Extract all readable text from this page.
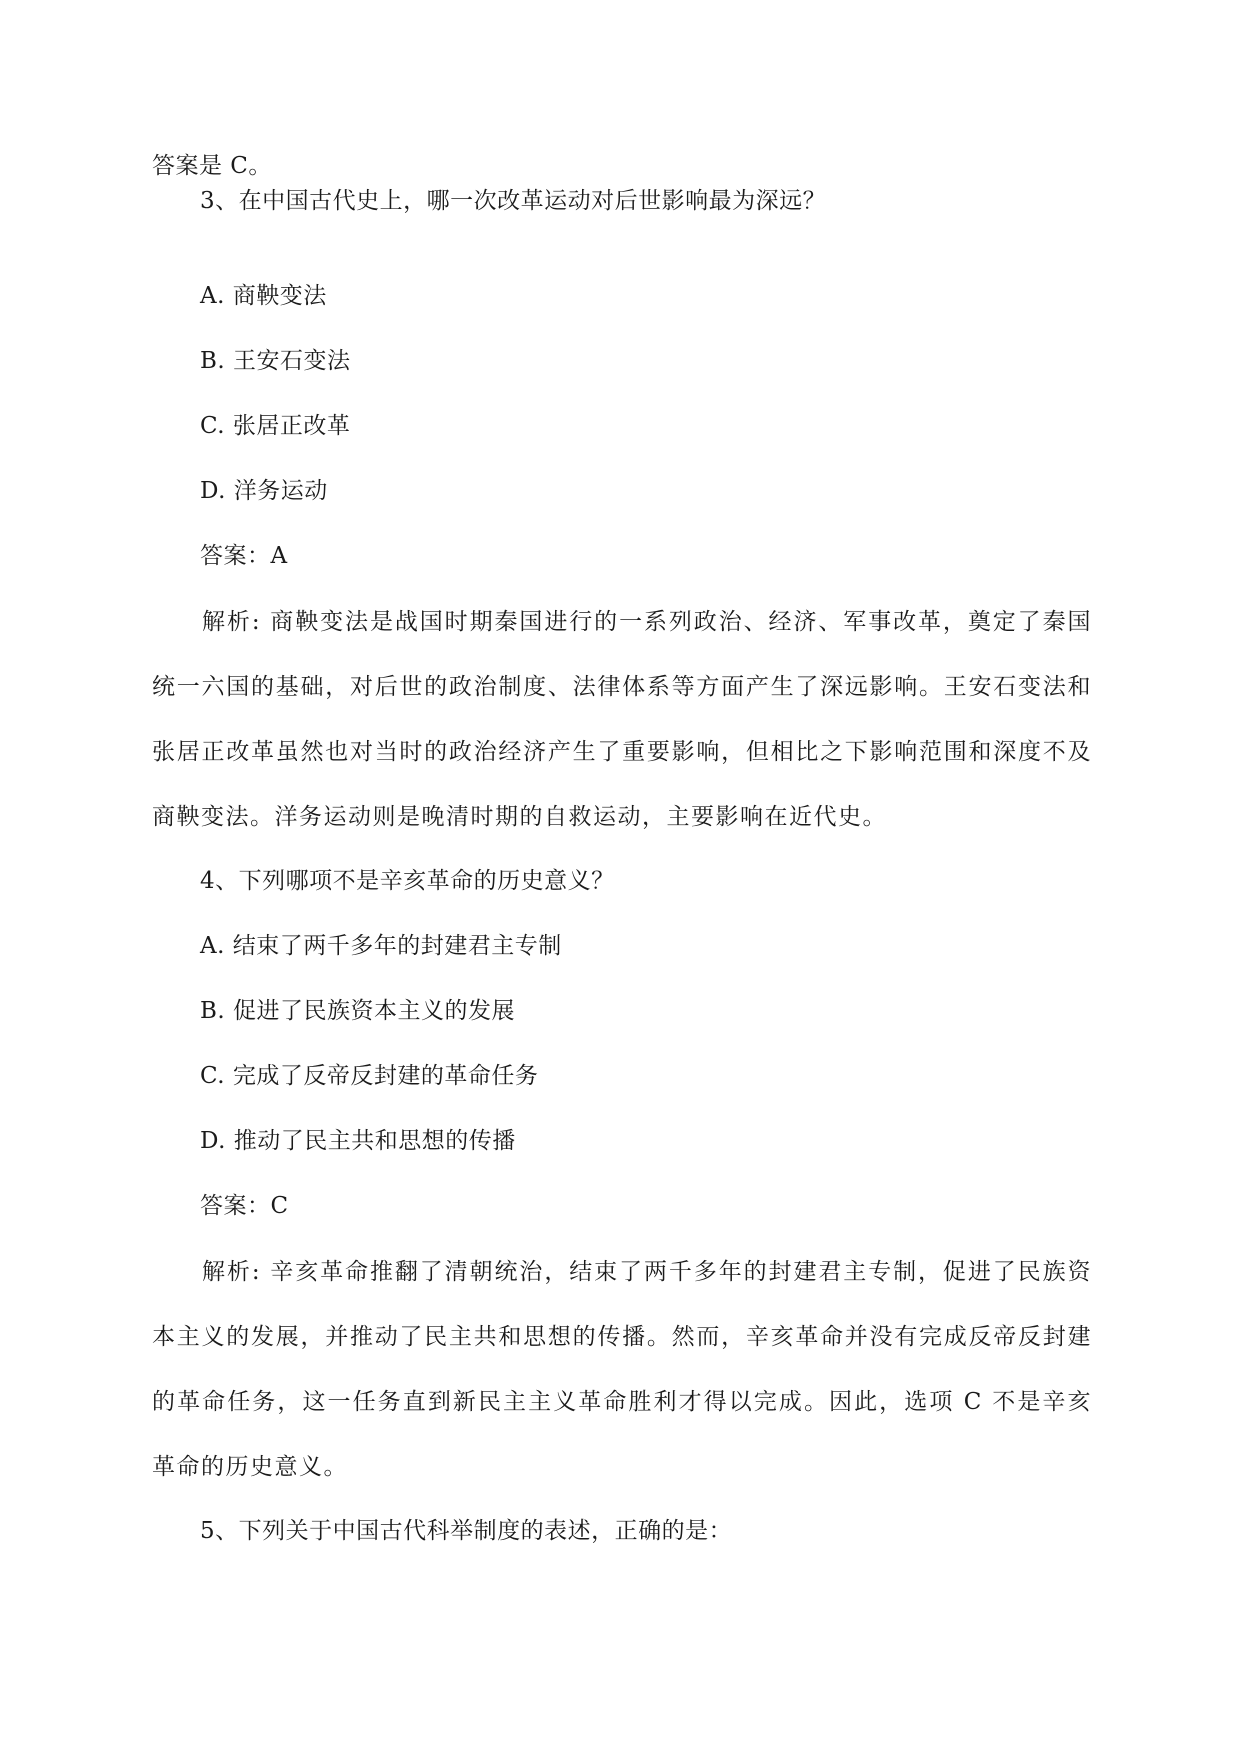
答案是 C。
3、在中国古代史上，哪一次改革运动对后世影响最为深远？
A. 商鞅变法
B. 王安石变法
C. 张居正改革
D. 洋务运动
答案：A
解析: 商鞅变法是战国时期秦国进行的一系列政治、经济、军事改革，奠定了秦国统一六国的基础，对后世的政治制度、法律体系等方面产生了深远影响。王安石变法和张居正改革虽然也对当时的政治经济产生了重要影响，但相比之下影响范围和深度不及商鞅变法。洋务运动则是晚清时期的自救运动，主要影响在近代史。
4、下列哪项不是辛亥革命的历史意义？
A. 结束了两千多年的封建君主专制
B. 促进了民族资本主义的发展
C. 完成了反帝反封建的革命任务
D. 推动了民主共和思想的传播
答案：C
解析: 辛亥革命推翻了清朝统治，结束了两千多年的封建君主专制，促进了民族资本主义的发展，并推动了民主共和思想的传播。然而，辛亥革命并没有完成反帝反封建的革命任务，这一任务直到新民主主义革命胜利才得以完成。因此，选项 C 不是辛亥革命的历史意义。
5、下列关于中国古代科举制度的表述，正确的是：
